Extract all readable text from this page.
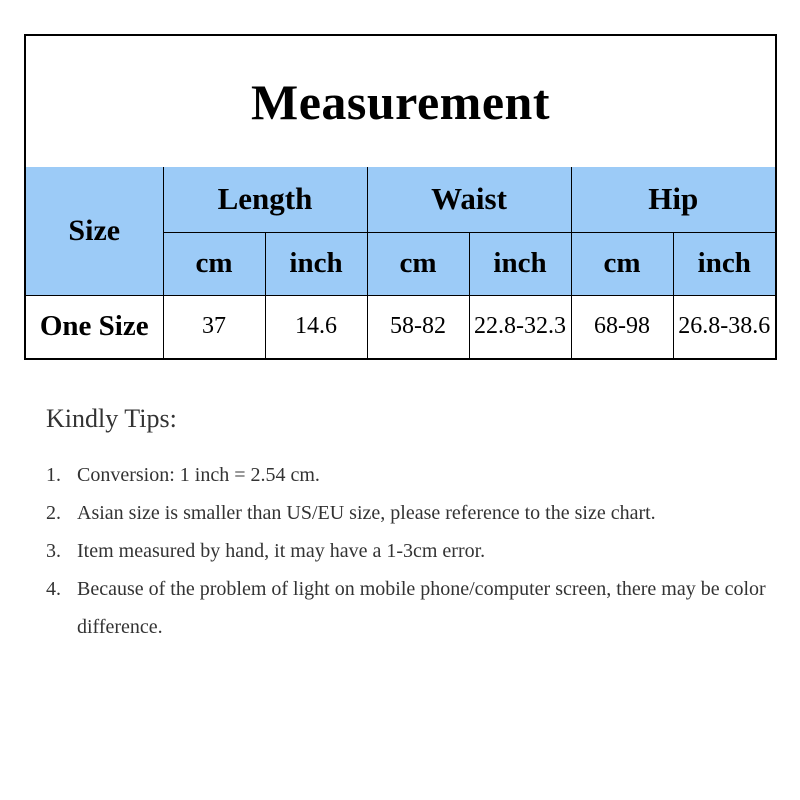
Measurement
Size	Length		Waist		Hip	
	cm	inch	cm	inch	cm	inch
One Size	37	14.6	58-82	22.8-32.3	68-98	26.8-38.6
Kindly Tips:
1. Conversion: 1 inch = 2.54 cm.
2. Asian size is smaller than US/EU size, please reference to the size chart.
3. Item measured by hand, it may have a 1-3cm error.
4. Because of the problem of light on mobile phone/computer screen, there may be color difference.
